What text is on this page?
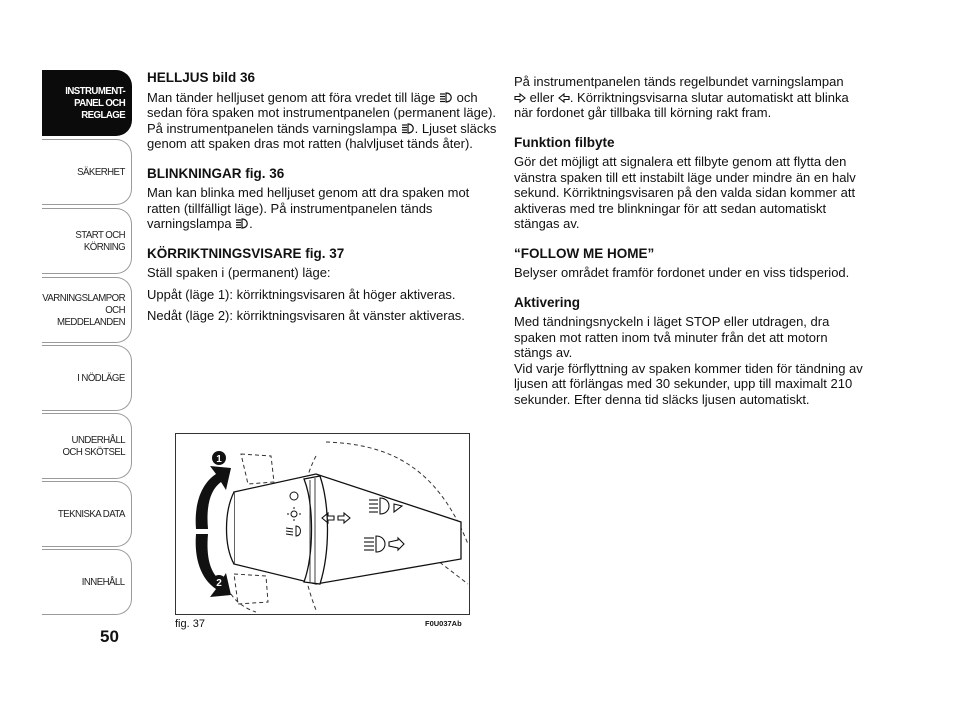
INSTRUMENT-
PANEL OCH
REGLAGE
SÄKERHET
START OCH
KÖRNING
VARNINGSLAMPOR
OCH
MEDDELANDEN
I NÖDLÄGE
UNDERHÅLL
OCH SKÖTSEL
TEKNISKA DATA
INNEHÅLL
50
HELLJUS bild 36

Man tänder helljuset genom att föra vredet till läge och sedan föra spaken mot instrumentpanelen (permanent läge). På instrumentpanelen tänds varningslampa . Ljuset släcks genom att spaken dras mot ratten (halvljuset tänds åter).

BLINKNINGAR fig. 36

Man kan blinka med helljuset genom att dra spaken mot ratten (tillfälligt läge). På instrumentpanelen tänds varningslampa .

KÖRRIKTNINGSVISARE fig. 37

Ställ spaken i (permanent) läge:

Uppåt (läge 1): körriktningsvisaren åt höger aktiveras.

Nedåt (läge 2): körriktningsvisaren åt vänster aktiveras.

På instrumentpanelen tänds regelbundet varningslampan
eller . Körriktningsvisarna slutar automatiskt att blinka när fordonet går tillbaka till körning rakt fram.

Funktion filbyte

Gör det möjligt att signalera ett filbyte genom att flytta den vänstra spaken till ett instabilt läge under mindre än en halv sekund. Körriktningsvisaren på den valda sidan kommer att aktiveras med tre blinkningar för att sedan automatiskt stängas av.

“FOLLOW ME HOME”

Belyser området framför fordonet under en viss tidsperiod.

Aktivering

Med tändningsnyckeln i läget STOP eller utdragen, dra spaken mot ratten inom två minuter från det att motorn stängs av.

Vid varje förflyttning av spaken kommer tiden för tändning av ljusen att förlängas med 30 sekunder, upp till maximalt 210 sekunder. Efter denna tid släcks ljusen automatiskt.

1
2
fig. 37	F0U037Ab
